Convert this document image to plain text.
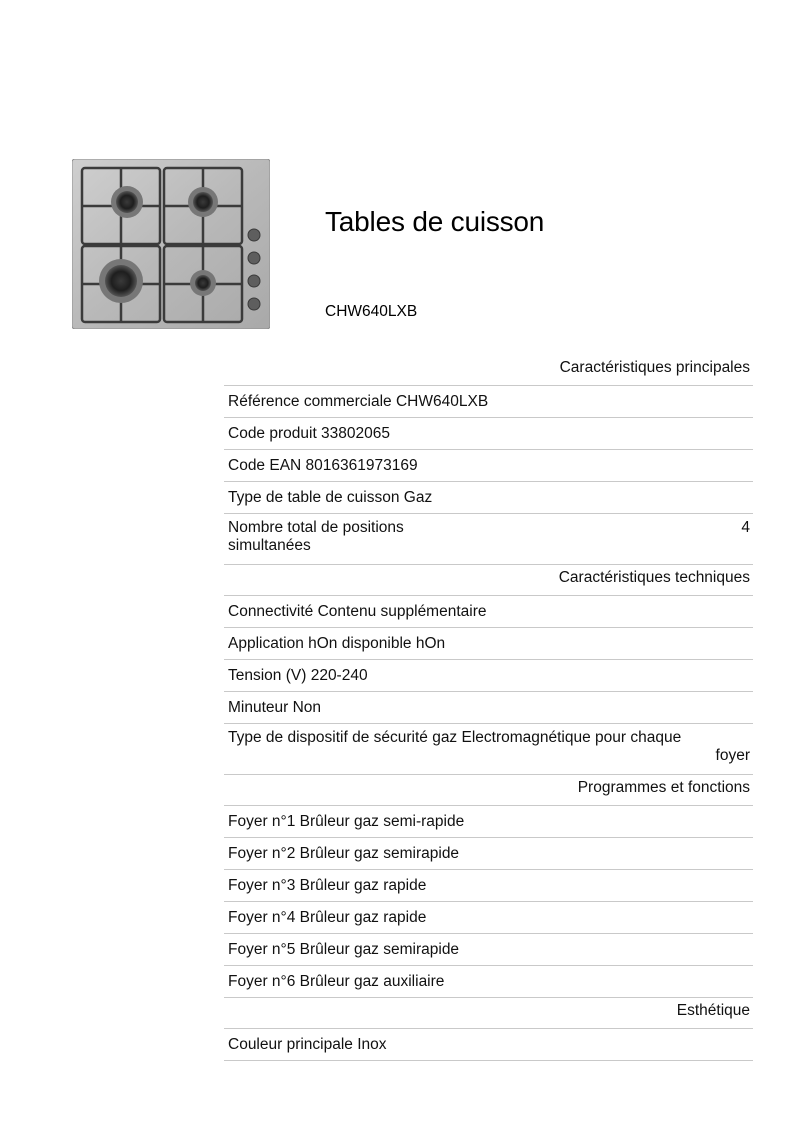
Tables de cuisson
CHW640LXB
Caractéristiques principales
Référence commerciale CHW640LXB
Code produit 33802065
Code EAN 8016361973169
Type de table de cuisson Gaz
Nombre total de positions simultanées
4
Caractéristiques techniques
Connectivité Contenu supplémentaire
Application hOn disponible hOn
Tension (V) 220-240
Minuteur Non
Type de dispositif de sécurité gaz Electromagnétique pour chaque
foyer
Programmes et fonctions
Foyer n°1 Brûleur gaz semi-rapide
Foyer n°2 Brûleur gaz semirapide
Foyer n°3 Brûleur gaz rapide
Foyer n°4 Brûleur gaz rapide
Foyer n°5 Brûleur gaz semirapide
Foyer n°6 Brûleur gaz auxiliaire
Esthétique
Couleur principale Inox
